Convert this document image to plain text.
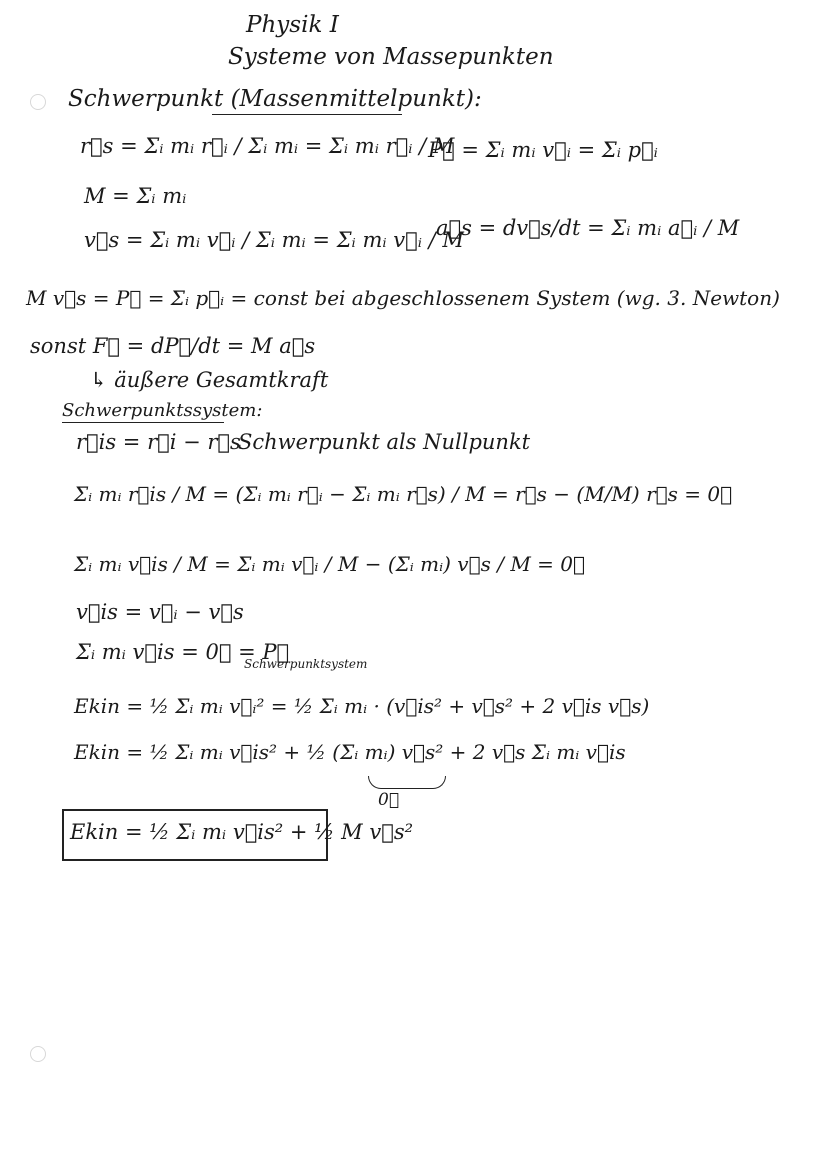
Physik I
Systeme von Massepunkten
Schwerpunkt (Massenmittelpunkt):
r⃗s = Σᵢ mᵢ r⃗ᵢ / Σᵢ mᵢ = Σᵢ mᵢ r⃗ᵢ / M
P⃗ = Σᵢ mᵢ v⃗ᵢ = Σᵢ p⃗ᵢ
M = Σᵢ mᵢ
v⃗s = Σᵢ mᵢ v⃗ᵢ / Σᵢ mᵢ = Σᵢ mᵢ v⃗ᵢ / M
a⃗s = dv⃗s/dt = Σᵢ mᵢ a⃗ᵢ / M
M v⃗s = P⃗ = Σᵢ p⃗ᵢ = const bei abgeschlossenem System (wg. 3. Newton)
sonst F⃗ = dP⃗/dt = M a⃗s
↳ äußere Gesamtkraft
Schwerpunktssystem:
r⃗is = r⃗i − r⃗s
Schwerpunkt als Nullpunkt
Σᵢ mᵢ r⃗is / M = (Σᵢ mᵢ r⃗ᵢ − Σᵢ mᵢ r⃗s) / M = r⃗s − (M/M) r⃗s = 0⃗
Σᵢ mᵢ v⃗is / M = Σᵢ mᵢ v⃗ᵢ / M − (Σᵢ mᵢ) v⃗s / M = 0⃗
v⃗is = v⃗ᵢ − v⃗s
Σᵢ mᵢ v⃗is = 0⃗ = P⃗
Schwerpunktsystem
Ekin = ½ Σᵢ mᵢ v⃗ᵢ² = ½ Σᵢ mᵢ · (v⃗is² + v⃗s² + 2 v⃗is v⃗s)
Ekin = ½ Σᵢ mᵢ v⃗is² + ½ (Σᵢ mᵢ) v⃗s² + 2 v⃗s Σᵢ mᵢ v⃗is
0⃗
Ekin = ½ Σᵢ mᵢ v⃗is² + ½ M v⃗s²
